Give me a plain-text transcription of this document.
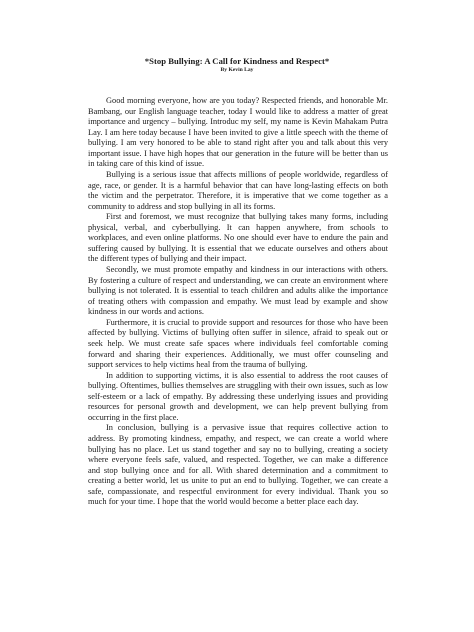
*Stop Bullying: A Call for Kindness and Respect*
By Kevin Lay

Good morning everyone, how are you today? Respected friends, and honorable Mr. Bambang, our English language teacher, today I would like to address a matter of great importance and urgency – bullying. Introduc my self, my name is Kevin Mahakam Putra Lay. I am here today because I have been invited to give a little speech with the theme of bullying. I am very honored to be able to stand right after you and talk about this very important issue. I have high hopes that our generation in the future will be better than us in taking care of this kind of issue.

Bullying is a serious issue that affects millions of people worldwide, regardless of age, race, or gender. It is a harmful behavior that can have long-lasting effects on both the victim and the perpetrator. Therefore, it is imperative that we come together as a community to address and stop bullying in all its forms.

First and foremost, we must recognize that bullying takes many forms, including physical, verbal, and cyberbullying. It can happen anywhere, from schools to workplaces, and even online platforms. No one should ever have to endure the pain and suffering caused by bullying. It is essential that we educate ourselves and others about the different types of bullying and their impact.

Secondly, we must promote empathy and kindness in our interactions with others. By fostering a culture of respect and understanding, we can create an environment where bullying is not tolerated. It is essential to teach children and adults alike the importance of treating others with compassion and empathy. We must lead by example and show kindness in our words and actions.

Furthermore, it is crucial to provide support and resources for those who have been affected by bullying. Victims of bullying often suffer in silence, afraid to speak out or seek help. We must create safe spaces where individuals feel comfortable coming forward and sharing their experiences. Additionally, we must offer counseling and support services to help victims heal from the trauma of bullying.

In addition to supporting victims, it is also essential to address the root causes of bullying. Oftentimes, bullies themselves are struggling with their own issues, such as low self-esteem or a lack of empathy. By addressing these underlying issues and providing resources for personal growth and development, we can help prevent bullying from occurring in the first place.

In conclusion, bullying is a pervasive issue that requires collective action to address. By promoting kindness, empathy, and respect, we can create a world where bullying has no place. Let us stand together and say no to bullying, creating a society where everyone feels safe, valued, and respected. Together, we can make a difference and stop bullying once and for all. With shared determination and a commitment to creating a better world, let us unite to put an end to bullying. Together, we can create a safe, compassionate, and respectful environment for every individual. Thank you so much for your time. I hope that the world would become a better place each day.
